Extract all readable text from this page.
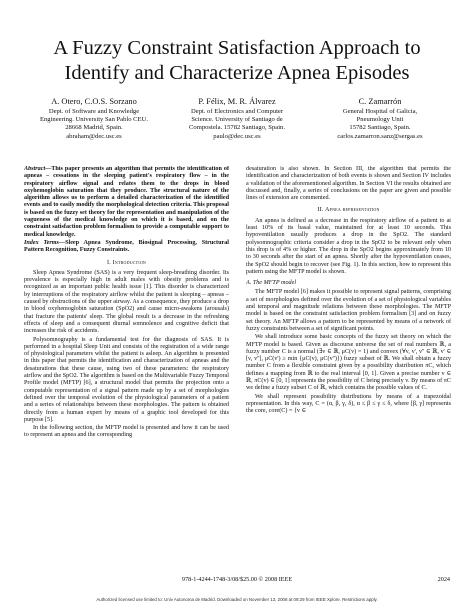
A Fuzzy Constraint Satisfaction Approach to Identify and Characterize Apnea Episodes
A. Otero, C.O.S. Sorzano
Dept. of Software and Knowledge
Engineering. University San Pablo CEU.
28668 Madrid, Spain.
abraham@dec.usc.es
P. Félix, M. R. Álvarez
Dept. of Electronics and Computer
Science. University of Santiago de
Compostela. 15782 Santiago, Spain.
paulo@dec.usc.es
C. Zamarrón
General Hospital of Galicia,
Pneumology Unit
15782 Santiago, Spain.
carlos.zamarron.sanz@sergas.es

Abstract—This paper presents an algorithm that permits the identification of apneas – cessations in the sleeping patient's respiratory flow – in the respiratory airflow signal and relates them to the drops in blood oxyhemoglobin saturation that they produce. The structural nature of the algorithm allows us to perform a detailed characterization of the identified events and to easily modify the morphological detection criteria. This proposal is based on the fuzzy set theory for the representation and manipulation of the vagueness of the medical knowledge on which it is based, and on the constraint satisfaction problem formalism to provide a computable support to medical knowledge.

Index Terms—Sleep Apnea Syndrome, Biosignal Processing, Structural Pattern Recognition, Fuzzy Constraints.

I. Introduction

Sleep Apnea Syndrome (SAS) is a very frequent sleep-breathing disorder. Its prevalence is especially high in adult males with obesity problems and is recognized as an important public health issue [1]. This disorder is characterized by interruptions of the respiratory airflow whilst the patient is sleeping – apneas – caused by obstructions of the upper airway. As a consequence, they produce a drop in blood oxyhemoglobin saturation (SpO2) and cause micro-awakens (arousals) that fracture the patients' sleep. The global result is a decrease in the refreshing effects of sleep and a consequent diurnal somnolence and cognitive deficit that increases the risk of accidents.

Polysomnography is a fundamental test for the diagnosis of SAS. It is performed in a hospital Sleep Unit and consists of the registration of a wide range of physiological parameters whilst the patient is asleep. An algorithm is presented in this paper that permits the identification and characterization of apneas and the desaturations that these cause, using two of these parameters: the respiratory airflow and the SpO2. The algorithm is based on the Multivariable Fuzzy Temporal Profile model (MFTP) [6], a structural model that permits the projection onto a computable representation of a signal pattern made up by a set of morphologies defined over the temporal evolution of the physiological parameters of a patient and a series of relationships between these morphologies. The pattern is obtained directly from a human expert by means of a graphic tool developed for this purpose [5].

In the following section, the MFTP model is presented and how it can be used to represent an apnea and the corresponding

desaturation is also shown. In Section III, the algorithm that permits the identification and characterization of both events is shown and Section IV includes a validation of the aforementioned algorithm. In Section VI the results obtained are discussed and, finally, a series of conclusions on the paper are given and possible lines of extension are commented.

II. Apnea representation

An apnea is defined as a decrease in the respiratory airflow of a patient to at least 10% of its basal value, maintained for at least 10 seconds. This hypoventilation usually produces a drop in the SpO2. The standard polysomnographic criteria consider a drop in the SpO2 to be relevant only when this drop is of 4% or higher. The drop in the SpO2 begins approximately from 10 to 30 seconds after the start of an apnea. Shortly after the hypoventilation ceases, the SpO2 should begin to recover (see Fig. 1). In this section, how to represent this pattern using the MFTP model is shown.

A. The MFTP model

The MFTP model [6] makes it possible to represent signal patterns, comprising a set of morphologies defined over the evolution of a set of physiological variables and temporal and magnitude relations between these morphologies. The MFTP model is based on the constraint satisfaction problem formalism [3] and on fuzzy set theory. An MFTP allows a pattern to be represented by means of a network of fuzzy constraints between a set of significant points.

We shall introduce some basic concepts of the fuzzy set theory on which the MFTP model is based. Given as discourse universe the set of real numbers ℝ, a fuzzy number C is a normal (∃v ∈ ℝ, μC(v) = 1) and convex (∀v, v', v'' ∈ ℝ, v' ∈ [v, v''], μC(v') ≥ min {μC(v), μC(v'')}) fuzzy subset of ℝ. We shall obtain a fuzzy number C from a flexible constraint given by a possibility distribution πC, which defines a mapping from ℝ to the real interval [0, 1]. Given a precise number v ∈ ℝ, πC(v) ∈ [0, 1] represents the possibility of C being precisely v. By means of πC we define a fuzzy subset C of ℝ, which contains the possible values of C.

We shall represent possibility distributions by means of a trapezoidal representation. In this way, C = (α, β, γ, δ), α ≤ β ≤ γ ≤ δ, where [β, γ] represents the core, core(C) = {v ∈

978-1-4244-1748-3/08/$25.00 © 2008 IEEE	2024
Authorized licensed use limited to: Univ Autonoma de Madrid. Downloaded on November 13, 2008 at 09:29 from IEEE Xplore. Restrictions apply.
